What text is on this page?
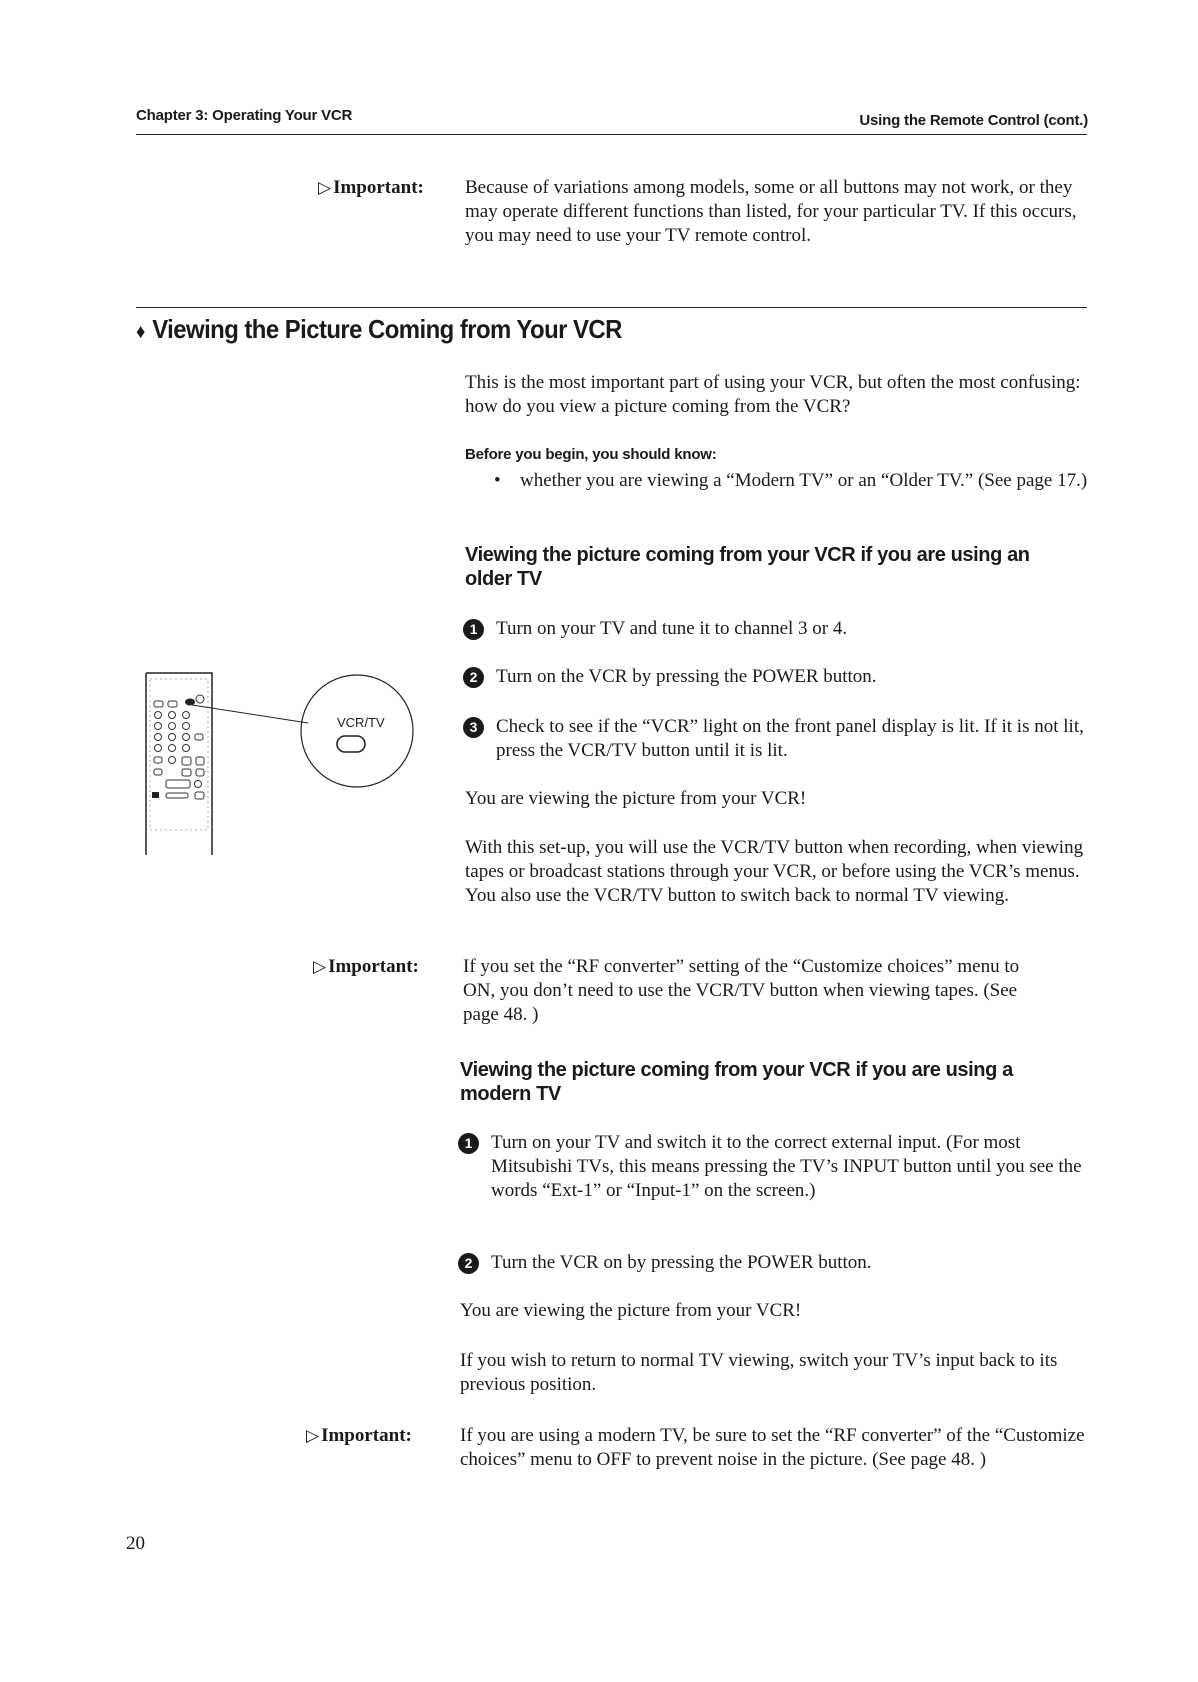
Chapter 3: Operating Your VCR	Using the Remote Control (cont.)
▷ Important: Because of variations among models, some or all buttons may not work, or they may operate different functions than listed, for your particular TV. If this occurs, you may need to use your TV remote control.
♦ Viewing the Picture Coming from Your VCR
This is the most important part of using your VCR, but often the most confusing: how do you view a picture coming from the VCR?
Before you begin, you should know:
•	whether you are viewing a “Modern TV” or an “Older TV.” (See page 17.)
Viewing the picture coming from your VCR if you are using an older TV
1 Turn on your TV and tune it to channel 3 or 4.
2 Turn on the VCR by pressing the POWER button.
3 Check to see if the “VCR” light on the front panel display is lit. If it is not lit, press the VCR/TV button until it is lit.
You are viewing the picture from your VCR!
With this set-up, you will use the VCR/TV button when recording, when viewing tapes or broadcast stations through your VCR, or before using the VCR’s menus. You also use the VCR/TV button to switch back to normal TV viewing.
VCR/TV
▷ Important: If you set the “RF converter” setting of the “Customize choices” menu to ON, you don’t need to use the VCR/TV button when viewing tapes. (See page 48. )
Viewing the picture coming from your VCR if you are using a modern TV
1 Turn on your TV and switch it to the correct external input. (For most Mitsubishi TVs, this means pressing the TV’s INPUT button until you see the words “Ext-1” or “Input-1” on the screen.)
2 Turn the VCR on by pressing the POWER button.
You are viewing the picture from your VCR!
If you wish to return to normal TV viewing, switch your TV’s input back to its previous position.
▷ Important:	If you are using a modern TV, be sure to set the “RF converter” of the “Customize choices” menu to OFF to prevent noise in the picture. (See page 48. )
20
